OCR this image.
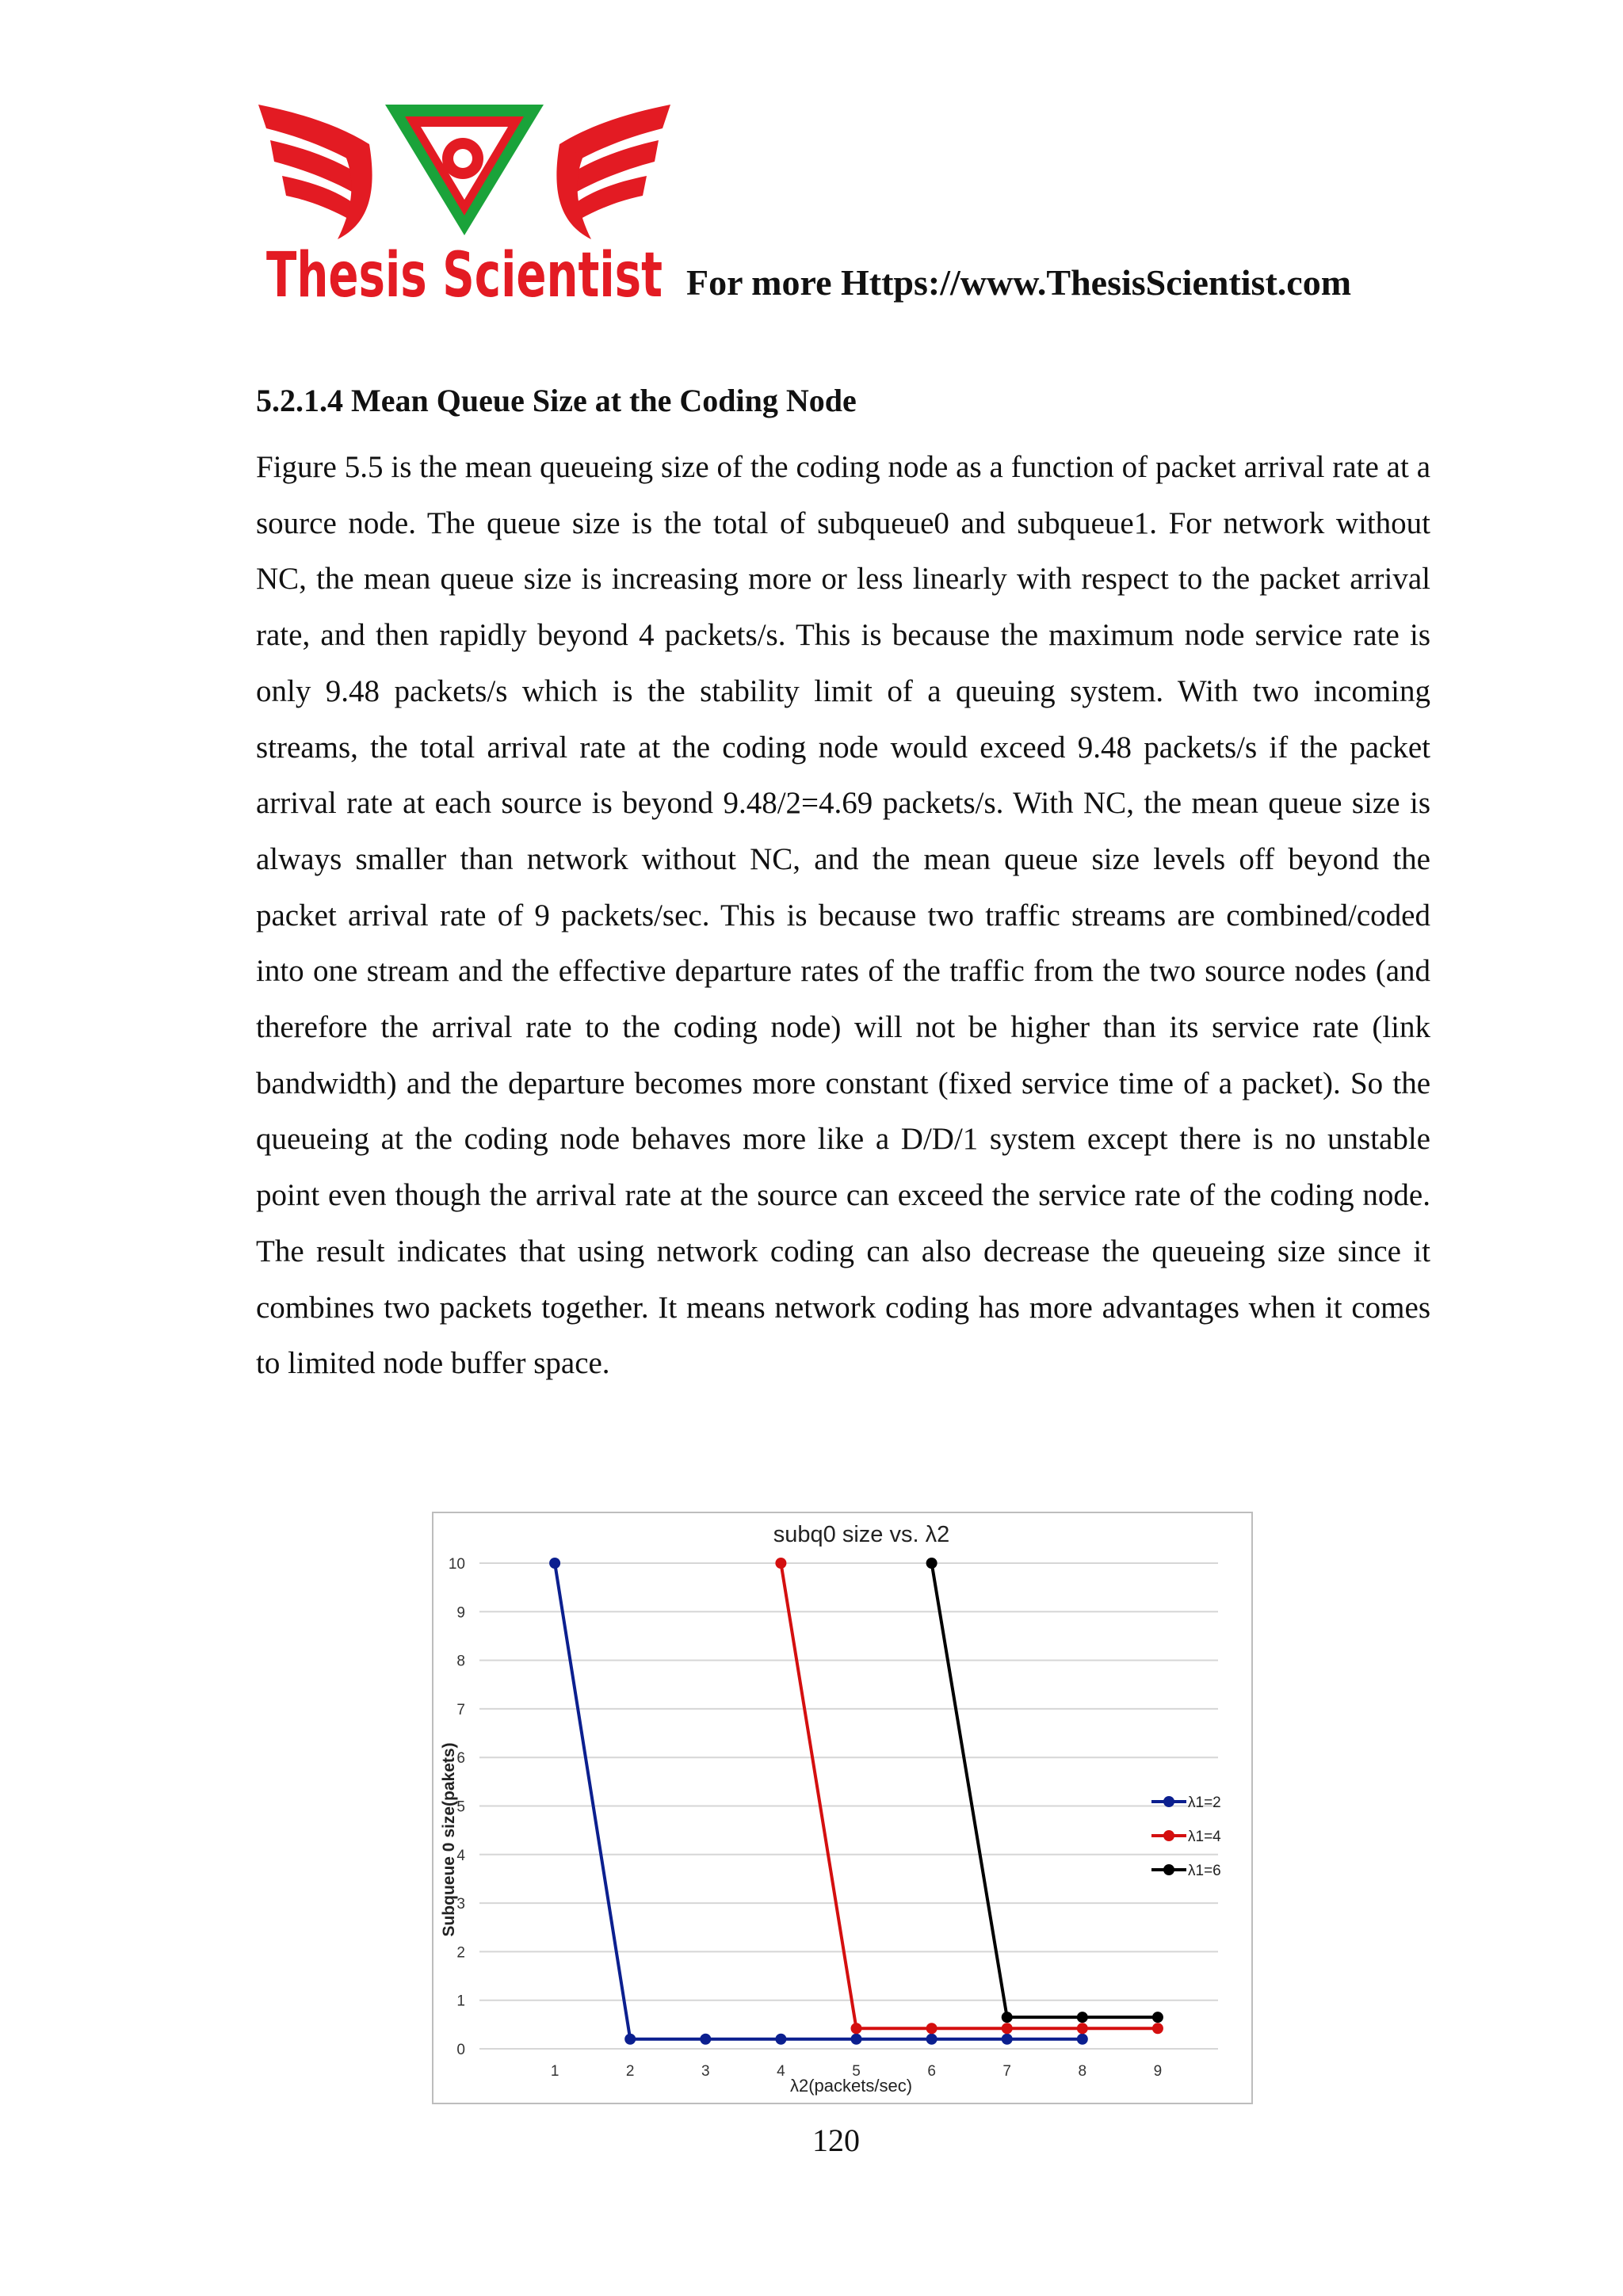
Thesis Scientist For more Https://www.ThesisScientist.com
5.2.1.4 Mean Queue Size at the Coding Node

Figure 5.5 is the mean queueing size of the coding node as a function of packet arrival rate at a source node. The queue size is the total of subqueue0 and subqueue1. For network without NC, the mean queue size is increasing more or less linearly with respect to the packet arrival rate, and then rapidly beyond 4 packets/s. This is because the maximum node service rate is only 9.48 packets/s which is the stability limit of a queuing system. With two incoming streams, the total arrival rate at the coding node would exceed 9.48 packets/s if the packet arrival rate at each source is beyond 9.48/2=4.69 packets/s. With NC, the mean queue size is always smaller than network without NC, and the mean queue size levels off beyond the packet arrival rate of 9 packets/sec. This is because two traffic streams are combined/coded into one stream and the effective departure rates of the traffic from the two source nodes (and therefore the arrival rate to the coding node) will not be higher than its service rate (link bandwidth) and the departure becomes more constant (fixed service time of a packet). So the queueing at the coding node behaves more like a D/D/1 system except there is no unstable point even though the arrival rate at the source can exceed the service rate of the coding node. The result indicates that using network coding can also decrease the queueing size since it combines two packets together. It means network coding has more advantages when it comes to limited node buffer space.

subq0 size vs. λ2
0
1
2
3
4
5
6
7
8
9
10
1	2	3	4	5	6	7	8	9
Subqueue 0 size(pakets)
λ2(packets/sec)
λ1=2
λ1=4
λ1=6
120
